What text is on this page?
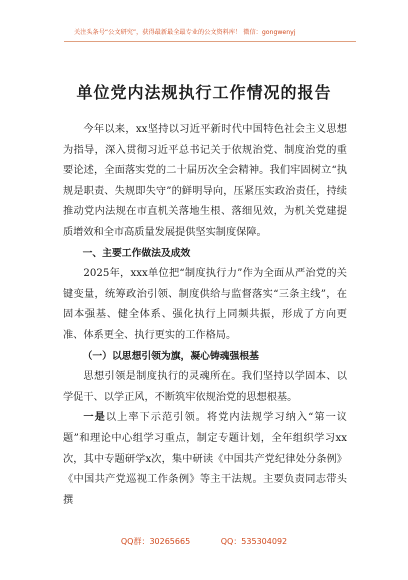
关注头条号“公文研究”，获得最新最全最专业的公文资料库！ 微信：gongwenyj
单位党内法规执行工作情况的报告

今年以来，xx坚持以习近平新时代中国特色社会主义思想为指导，深入贯彻习近平总书记关于依规治党、制度治党的重要论述，全面落实党的二十届历次全会精神。我们牢固树立“执规是职责、失规即失守”的鲜明导向，压紧压实政治责任，持续推动党内法规在市直机关落地生根、落细见效，为机关党建提质增效和全市高质量发展提供坚实制度保障。

一、主要工作做法及成效

2025年，xxx单位把“制度执行力”作为全面从严治党的关键变量，统筹政治引领、制度供给与监督落实“三条主线”，在固本强基、健全体系、强化执行上同频共振，形成了方向更准、体系更全、执行更实的工作格局。

（一）以思想引领为旗，凝心铸魂强根基

思想引领是制度执行的灵魂所在。我们坚持以学固本、以学促干、以学正风，不断筑牢依规治党的思想根基。

一是以上率下示范引领。将党内法规学习纳入“第一议题”和理论中心组学习重点，制定专题计划，全年组织学习xx次，其中专题研学x次，集中研读《中国共产党纪律处分条例》《中国共产党巡视工作条例》等主干法规。主要负责同志带头撰

QQ群：30265665	QQ：535304092
